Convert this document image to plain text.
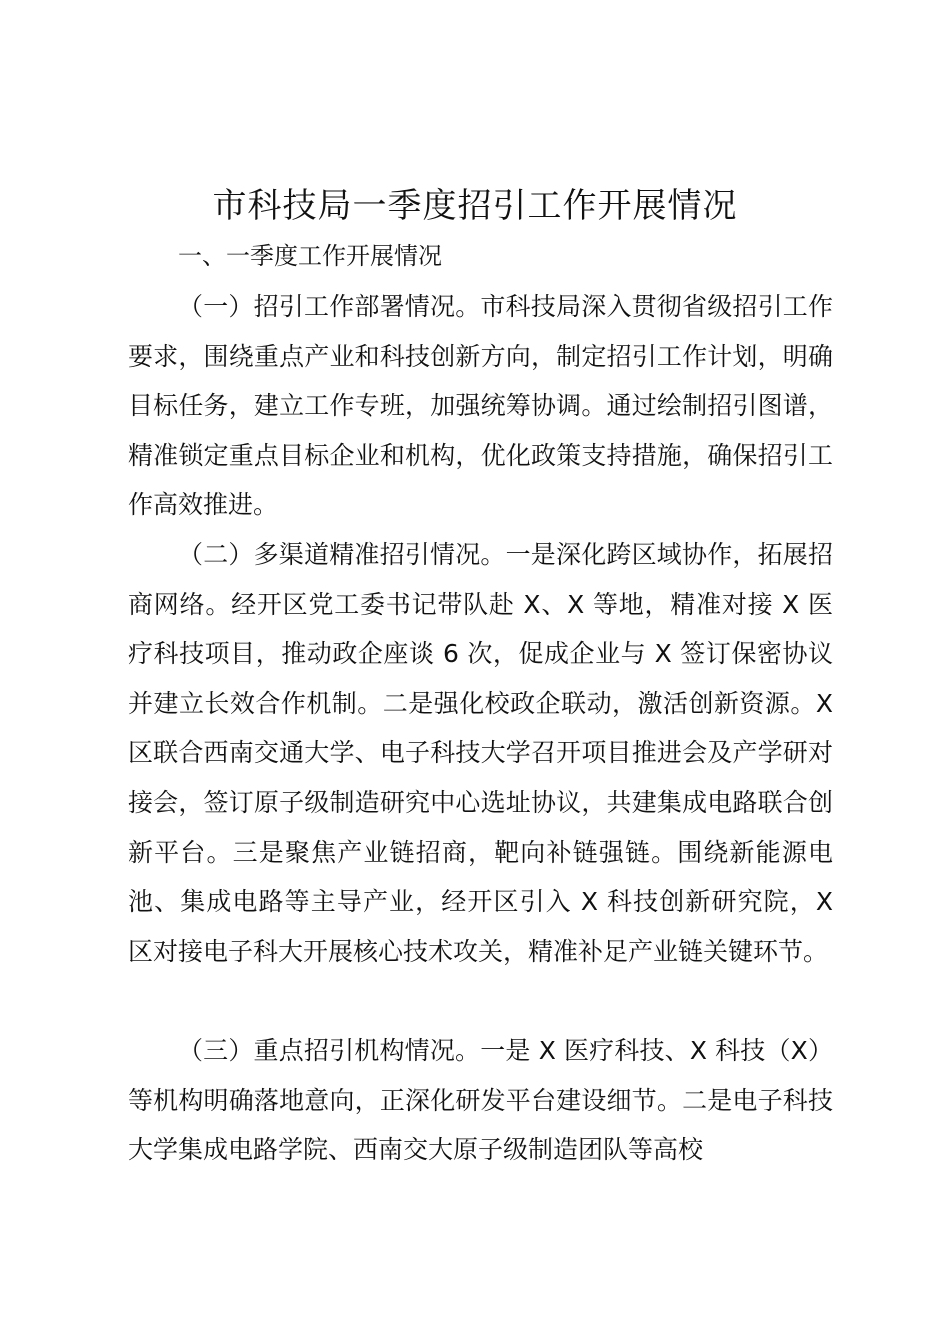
市科技局一季度招引工作开展情况

一、一季度工作开展情况

（一）招引工作部署情况。市科技局深入贯彻省级招引工作要求，围绕重点产业和科技创新方向，制定招引工作计划，明确目标任务，建立工作专班，加强统筹协调。通过绘制招引图谱，精准锁定重点目标企业和机构，优化政策支持措施，确保招引工作高效推进。

（二）多渠道精准招引情况。一是深化跨区域协作，拓展招商网络。经开区党工委书记带队赴 X、X 等地，精准对接 X 医疗科技项目，推动政企座谈 6 次，促成企业与 X 签订保密协议并建立长效合作机制。二是强化校政企联动，激活创新资源。X 区联合西南交通大学、电子科技大学召开项目推进会及产学研对接会，签订原子级制造研究中心选址协议，共建集成电路联合创新平台。三是聚焦产业链招商，靶向补链强链。围绕新能源电池、集成电路等主导产业，经开区引入 X 科技创新研究院，X 区对接电子科大开展核心技术攻关，精准补足产业链关键环节。

（三）重点招引机构情况。一是 X 医疗科技、X 科技（X）等机构明确落地意向，正深化研发平台建设细节。二是电子科技大学集成电路学院、西南交大原子级制造团队等高校
